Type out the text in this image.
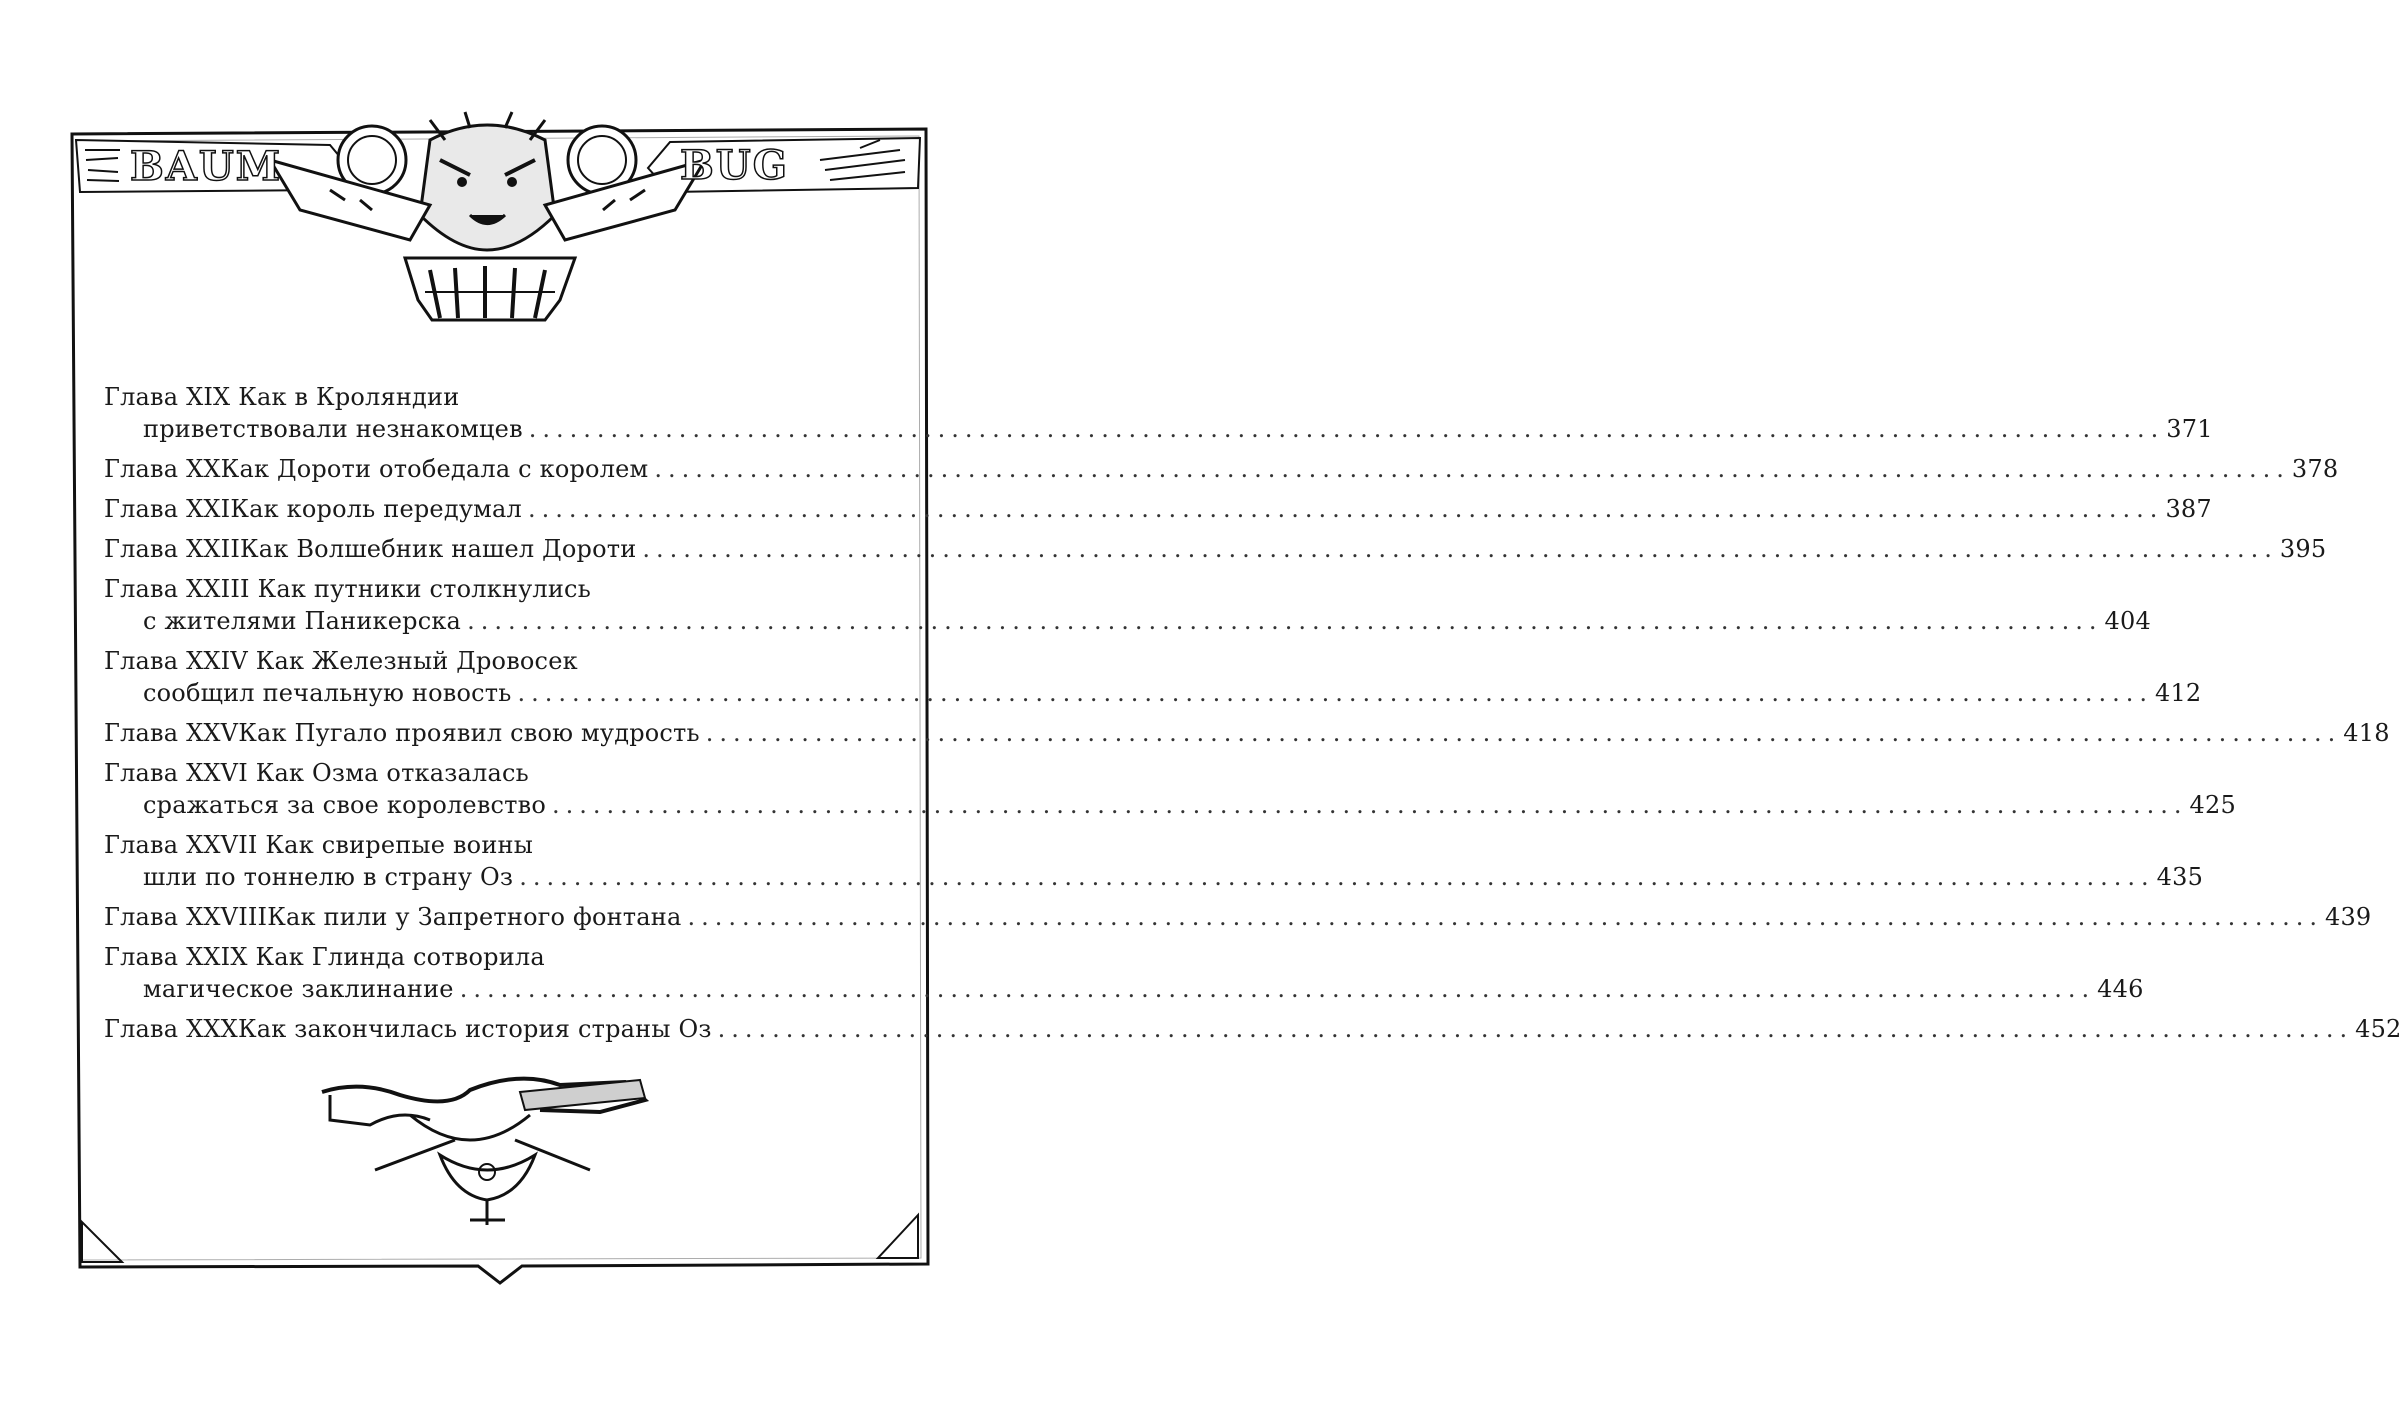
BAUM	BUG
Глава XIX Как в Кроляндии
приветствовали незнакомцев ........................................................................................................................ 371
Глава XX Как Дороти отобедала с королем ........................................................................................................................ 378
Глава XXI Как король передумал ........................................................................................................................ 387
Глава XXII Как Волшебник нашел Дороти ........................................................................................................................ 395
Глава XXIII Как путники столкнулись
с жителями Паникерска ........................................................................................................................ 404
Глава XXIV Как Железный Дровосек
сообщил печальную новость ........................................................................................................................ 412
Глава XXV Как Пугало проявил свою мудрость ........................................................................................................................ 418
Глава XXVI Как Озма отказалась
сражаться за свое королевство ........................................................................................................................ 425
Глава XXVII Как свирепые воины
шли по тоннелю в страну Оз ........................................................................................................................ 435
Глава XXVIII Как пили у Запретного фонтана ........................................................................................................................ 439
Глава XXIX Как Глинда сотворила
магическое заклинание ........................................................................................................................ 446
Глава XXX Как закончилась история страны Оз ........................................................................................................................ 452
